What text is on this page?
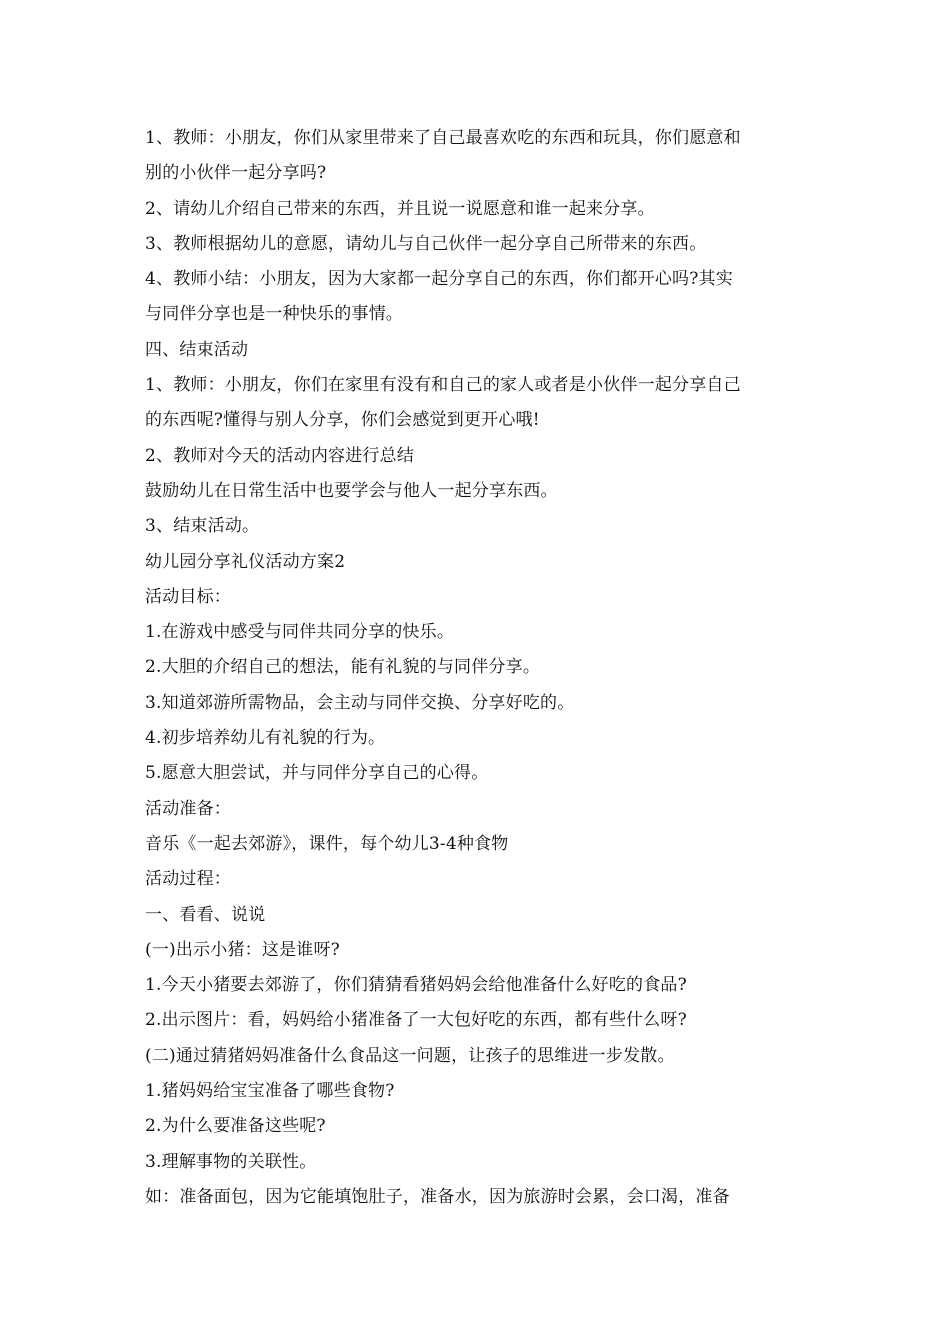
1、教师：小朋友，你们从家里带来了自己最喜欢吃的东西和玩具，你们愿意和
别的小伙伴一起分享吗?
2、请幼儿介绍自己带来的东西，并且说一说愿意和谁一起来分享。
3、教师根据幼儿的意愿，请幼儿与自己伙伴一起分享自己所带来的东西。
4、教师小结：小朋友，因为大家都一起分享自己的东西，你们都开心吗?其实
与同伴分享也是一种快乐的事情。
四、结束活动
1、教师：小朋友，你们在家里有没有和自己的家人或者是小伙伴一起分享自己
的东西呢?懂得与别人分享，你们会感觉到更开心哦!
2、教师对今天的活动内容进行总结
鼓励幼儿在日常生活中也要学会与他人一起分享东西。
3、结束活动。
幼儿园分享礼仪活动方案2
活动目标：
1.在游戏中感受与同伴共同分享的快乐。
2.大胆的介绍自己的想法，能有礼貌的与同伴分享。
3.知道郊游所需物品，会主动与同伴交换、分享好吃的。
4.初步培养幼儿有礼貌的行为。
5.愿意大胆尝试，并与同伴分享自己的心得。
活动准备：
音乐《一起去郊游》，课件，每个幼儿3-4种食物
活动过程：
一、看看、说说
(一)出示小猪：这是谁呀?
1.今天小猪要去郊游了，你们猜猜看猪妈妈会给他准备什么好吃的食品?
2.出示图片：看，妈妈给小猪准备了一大包好吃的东西，都有些什么呀?
(二)通过猜猪妈妈准备什么食品这一问题，让孩子的思维进一步发散。
1.猪妈妈给宝宝准备了哪些食物?
2.为什么要准备这些呢?
3.理解事物的关联性。
如：准备面包，因为它能填饱肚子，准备水，因为旅游时会累，会口渴，准备
